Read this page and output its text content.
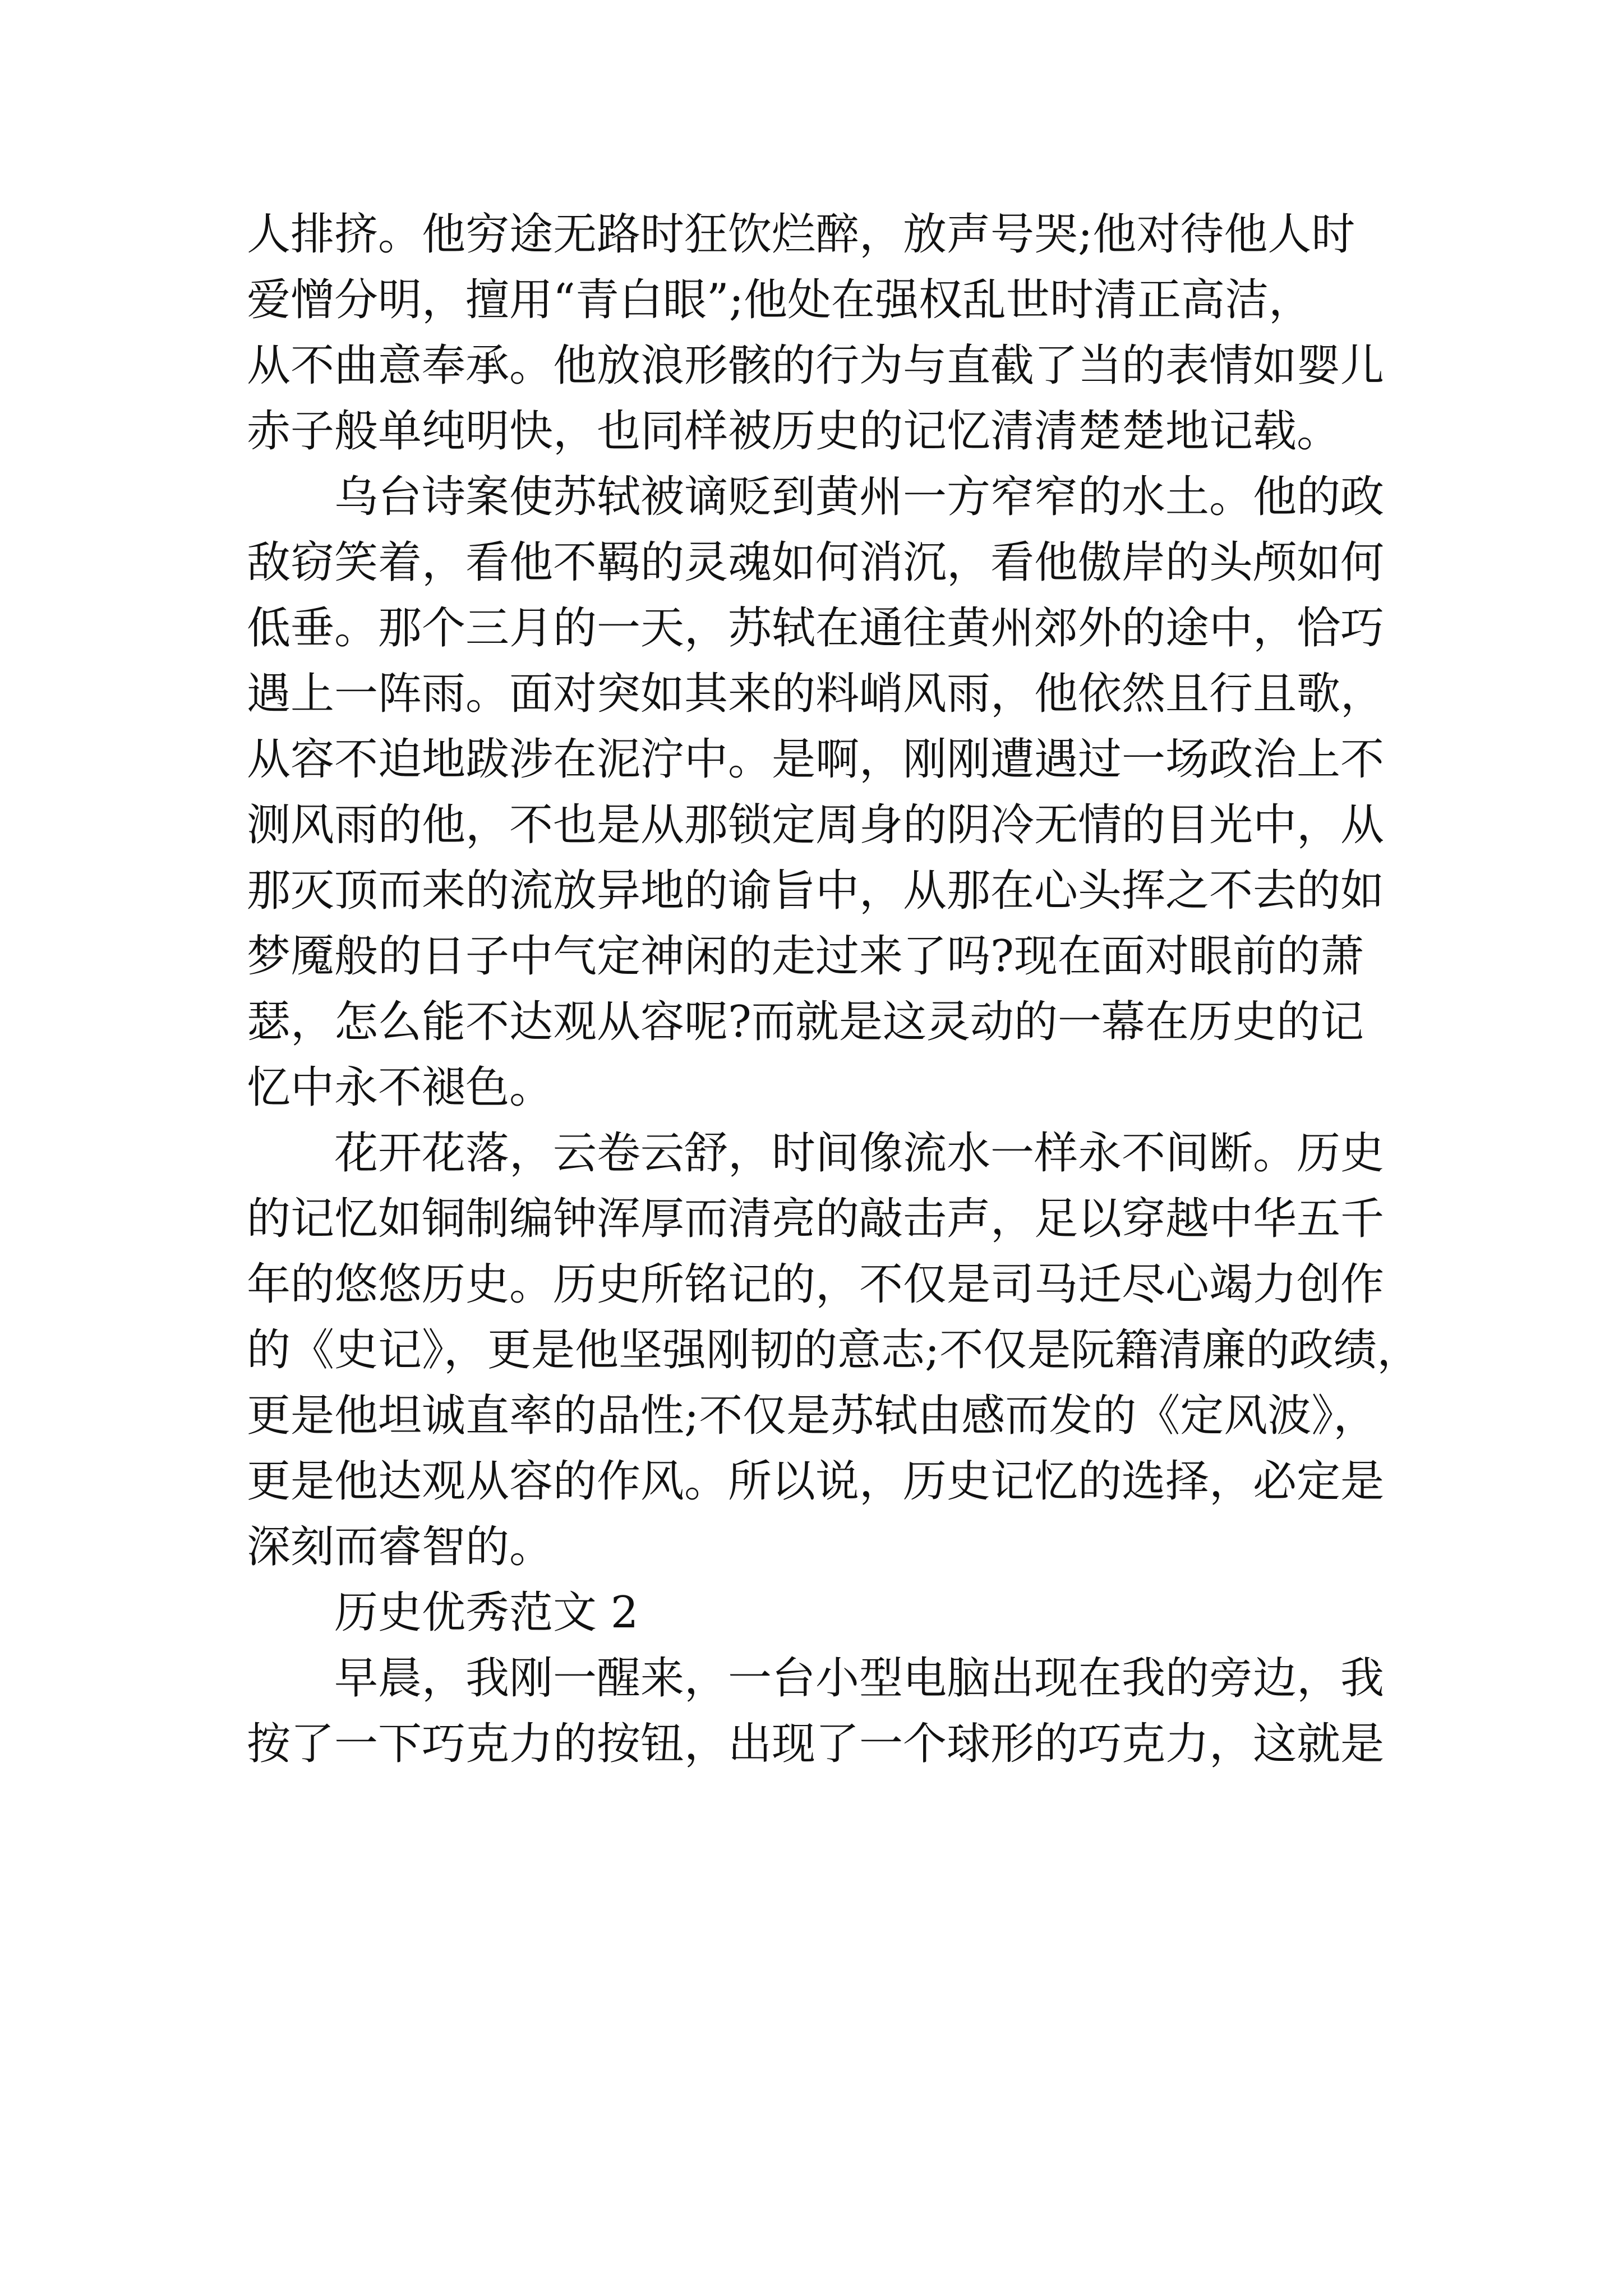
人排挤。他穷途无路时狂饮烂醉，放声号哭;他对待他人时
爱憎分明，擅用“青白眼”;他处在强权乱世时清正高洁，
从不曲意奉承。他放浪形骸的行为与直截了当的表情如婴儿
赤子般单纯明快，也同样被历史的记忆清清楚楚地记载。
　　乌台诗案使苏轼被谪贬到黄州一方窄窄的水土。他的政
敌窃笑着，看他不羁的灵魂如何消沉，看他傲岸的头颅如何
低垂。那个三月的一天，苏轼在通往黄州郊外的途中，恰巧
遇上一阵雨。面对突如其来的料峭风雨，他依然且行且歌，
从容不迫地跋涉在泥泞中。是啊，刚刚遭遇过一场政治上不
测风雨的他，不也是从那锁定周身的阴冷无情的目光中，从
那灭顶而来的流放异地的谕旨中，从那在心头挥之不去的如
梦魇般的日子中气定神闲的走过来了吗?现在面对眼前的萧
瑟，怎么能不达观从容呢?而就是这灵动的一幕在历史的记
忆中永不褪色。
　　花开花落，云卷云舒，时间像流水一样永不间断。历史
的记忆如铜制编钟浑厚而清亮的敲击声，足以穿越中华五千
年的悠悠历史。历史所铭记的，不仅是司马迁尽心竭力创作
的《史记》，更是他坚强刚韧的意志;不仅是阮籍清廉的政绩，
更是他坦诚直率的品性;不仅是苏轼由感而发的《定风波》，
更是他达观从容的作风。所以说，历史记忆的选择，必定是
深刻而睿智的。
　　历史优秀范文 2
　　早晨，我刚一醒来，一台小型电脑出现在我的旁边，我
按了一下巧克力的按钮，出现了一个球形的巧克力，这就是
